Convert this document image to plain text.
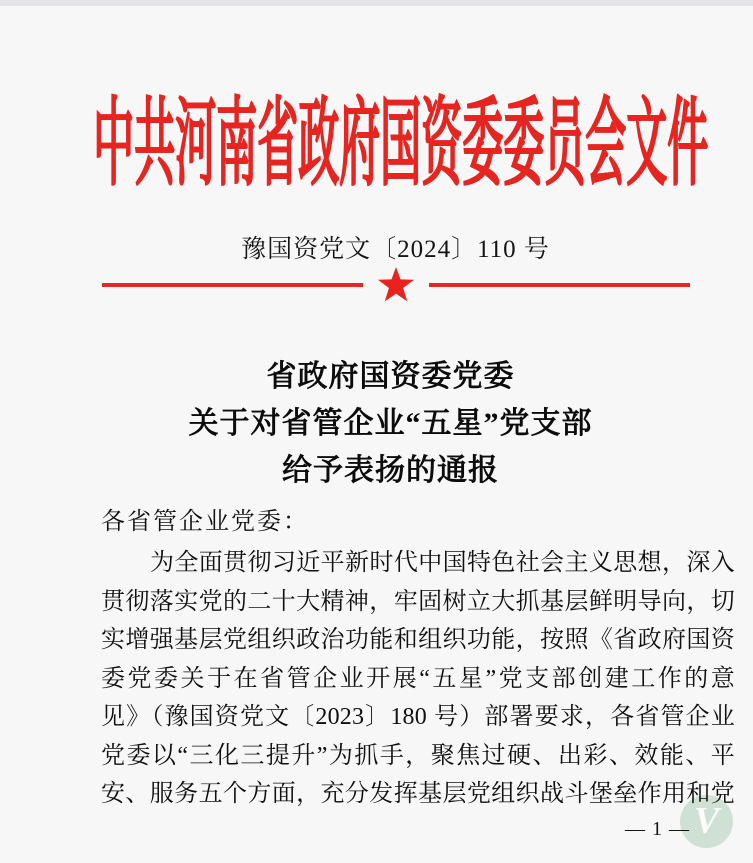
中共河南省政府国资委委员会文件
豫国资党文〔2024〕110 号
省政府国资委党委
关于对省管企业“五星”党支部
给予表扬的通报
各省管企业党委：
为全面贯彻习近平新时代中国特色社会主义思想，深入
贯彻落实党的二十大精神，牢固树立大抓基层鲜明导向，切
实增强基层党组织政治功能和组织功能，按照《省政府国资
委党委关于在省管企业开展“五星”党支部创建工作的意
见》（豫国资党文〔2023〕180 号）部署要求，各省管企业
党委以“三化三提升”为抓手，聚焦过硬、出彩、效能、平
安、服务五个方面，充分发挥基层党组织战斗堡垒作用和党
— 1 — V
